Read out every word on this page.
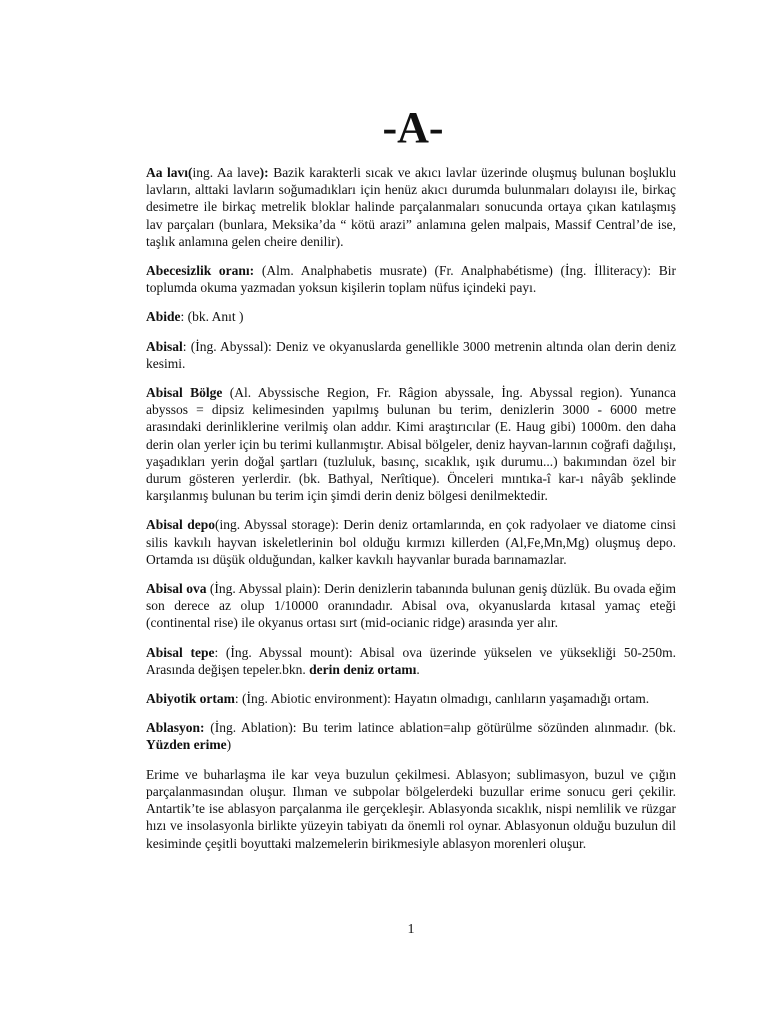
-A-

Aa lavı(ing. Aa lave): Bazik karakterli sıcak ve akıcı lavlar üzerinde oluşmuş bulunan boşluklu lavların, alttaki lavların soğumadıkları için henüz akıcı durumda bulunmaları dolayısı ile, birkaç desimetre ile birkaç metrelik bloklar halinde parçalanmaları sonucunda ortaya çıkan katılaşmış lav parçaları (bunlara, Meksika’da “ kötü arazi” anlamına gelen malpais, Massif Central’de ise, taşlık anlamına gelen cheire denilir).

Abecesizlik oranı: (Alm. Analphabetis musrate) (Fr. Analphabétisme) (İng. İlliteracy): Bir toplumda okuma yazmadan yoksun kişilerin toplam nüfus içindeki payı.

Abide: (bk. Anıt )

Abisal: (İng. Abyssal): Deniz ve okyanuslarda genellikle 3000 metrenin altında olan derin deniz kesimi.

Abisal Bölge (Al. Abyssische Region, Fr. Râgion abyssale, İng. Abyssal region). Yunanca abyssos = dipsiz kelimesinden yapılmış bulunan bu terim, denizlerin 3000 - 6000 metre arasındaki derinliklerine verilmiş olan addır. Kimi araştırıcılar (E. Haug gibi) 1000m. den daha derin olan yerler için bu terimi kullanmıştır. Abisal bölgeler, deniz hayvan-larının coğrafi dağılışı, yaşadıkları yerin doğal şartları (tuzluluk, basınç, sıcaklık, ışık durumu...) bakımından özel bir durum gösteren yerlerdir. (bk. Bathyal, Nerîtique). Önceleri mıntıka-î kar-ı nâyâb şeklinde karşılanmış bulunan bu terim için şimdi derin deniz bölgesi denilmektedir.

Abisal depo(ing. Abyssal storage): Derin deniz ortamlarında, en çok radyolaer ve diatome cinsi silis kavkılı hayvan iskeletlerinin bol olduğu kırmızı killerden (Al,Fe,Mn,Mg) oluşmuş depo. Ortamda ısı düşük olduğundan, kalker kavkılı hayvanlar burada barınamazlar.

Abisal ova (İng. Abyssal plain): Derin denizlerin tabanında bulunan geniş düzlük. Bu ovada eğim son derece az olup 1/10000 oranındadır. Abisal ova, okyanuslarda kıtasal yamaç eteği (continental rise) ile okyanus ortası sırt (mid-ocianic ridge) arasında yer alır.

Abisal tepe: (İng. Abyssal mount): Abisal ova üzerinde yükselen ve yüksekliği 50-250m. Arasında değişen tepeler.bkn. derin deniz ortamı.

Abiyotik ortam: (İng. Abiotic environment): Hayatın olmadıgı, canlıların yaşamadığı ortam.

Ablasyon: (İng. Ablation): Bu terim latince ablation=alıp götürülme sözünden alınmadır. (bk. Yüzden erime)

Erime ve buharlaşma ile kar veya buzulun çekilmesi. Ablasyon; sublimasyon, buzul ve çığın parçalanmasından oluşur. Ilıman ve subpolar bölgelerdeki buzullar erime sonucu geri çekilir. Antartik’te ise ablasyon parçalanma ile gerçekleşir. Ablasyonda sıcaklık, nispi nemlilik ve rüzgar hızı ve insolasyonla birlikte yüzeyin tabiyatı da önemli rol oynar. Ablasyonun olduğu buzulun dil kesiminde çeşitli boyuttaki malzemelerin birikmesiyle ablasyon morenleri oluşur.

1
